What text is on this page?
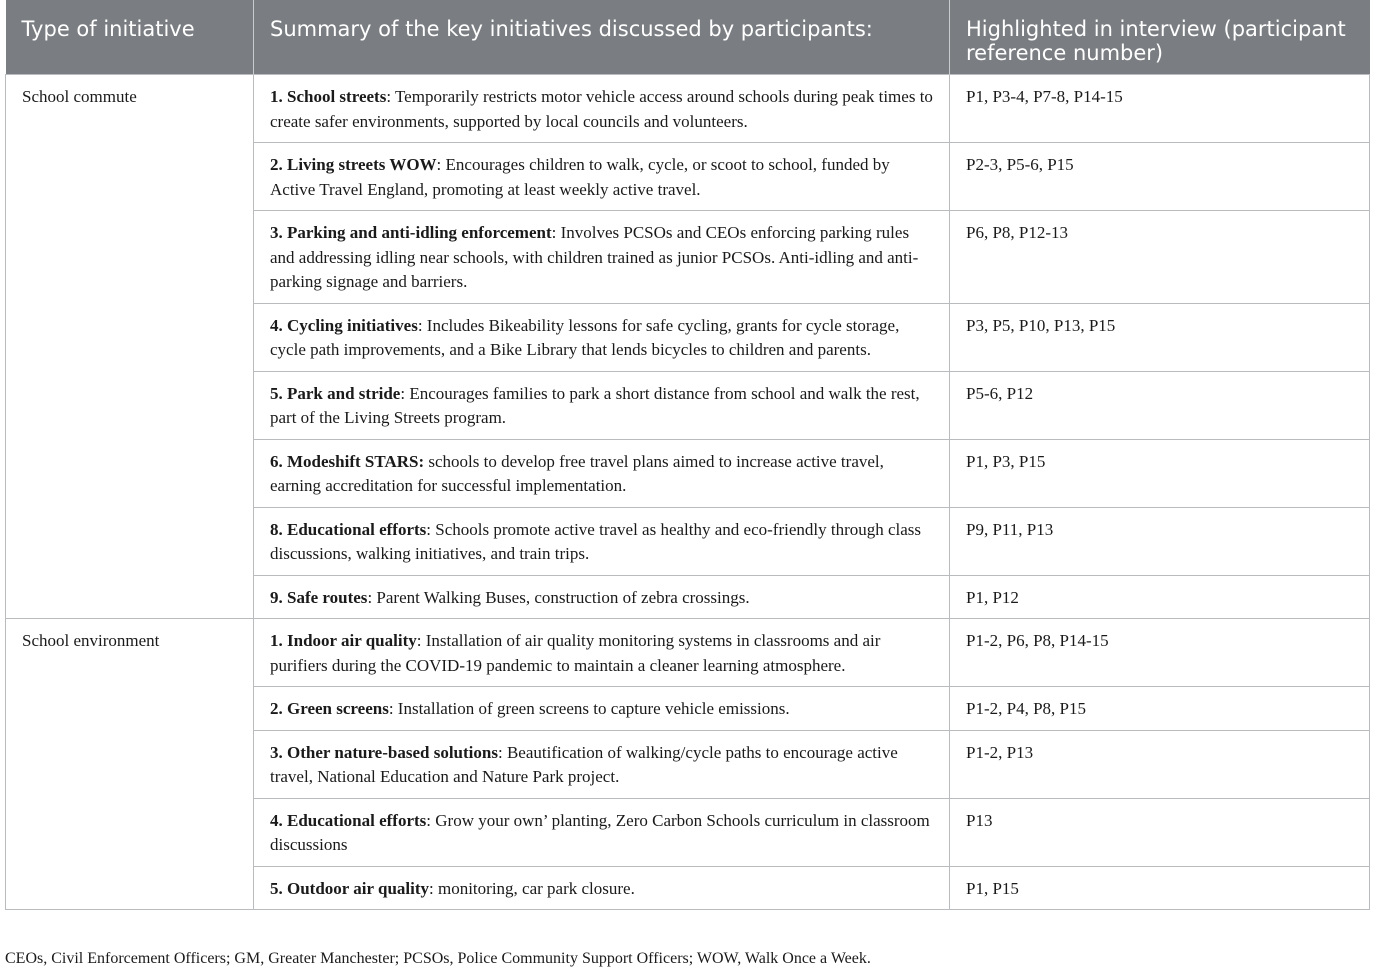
Type of initiative	Summary of the key initiatives discussed by participants:	Highlighted in interview (participant reference number)
School commute	1. School streets: Temporarily restricts motor vehicle access around schools during peak times to create safer environments, supported by local councils and volunteers.	P1, P3-4, P7-8, P14-15
	2. Living streets WOW: Encourages children to walk, cycle, or scoot to school, funded by Active Travel England, promoting at least weekly active travel.	P2-3, P5-6, P15
	3. Parking and anti-idling enforcement: Involves PCSOs and CEOs enforcing parking rules and addressing idling near schools, with children trained as junior PCSOs. Anti-idling and anti-parking signage and barriers.	P6, P8, P12-13
	4. Cycling initiatives: Includes Bikeability lessons for safe cycling, grants for cycle storage, cycle path improvements, and a Bike Library that lends bicycles to children and parents.	P3, P5, P10, P13, P15
	5. Park and stride: Encourages families to park a short distance from school and walk the rest, part of the Living Streets program.	P5-6, P12
	6. Modeshift STARS: schools to develop free travel plans aimed to increase active travel, earning accreditation for successful implementation.	P1, P3, P15
	8. Educational efforts: Schools promote active travel as healthy and eco-friendly through class discussions, walking initiatives, and train trips.	P9, P11, P13
	9. Safe routes: Parent Walking Buses, construction of zebra crossings.	P1, P12
School environment	1. Indoor air quality: Installation of air quality monitoring systems in classrooms and air purifiers during the COVID-19 pandemic to maintain a cleaner learning atmosphere.	P1-2, P6, P8, P14-15
	2. Green screens: Installation of green screens to capture vehicle emissions.	P1-2, P4, P8, P15
	3. Other nature-based solutions: Beautification of walking/cycle paths to encourage active travel, National Education and Nature Park project.	P1-2, P13
	4. Educational efforts: Grow your own’ planting, Zero Carbon Schools curriculum in classroom discussions	P13
	5. Outdoor air quality: monitoring, car park closure.	P1, P15
CEOs, Civil Enforcement Officers; GM, Greater Manchester; PCSOs, Police Community Support Officers; WOW, Walk Once a Week.
